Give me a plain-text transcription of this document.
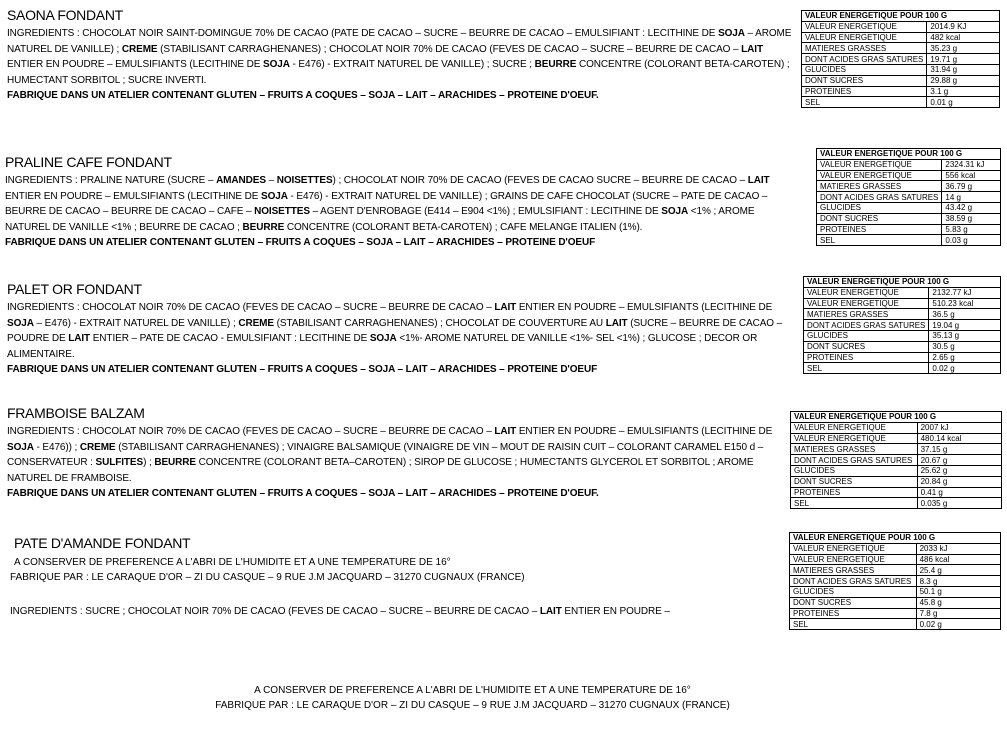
SAONA FONDANT
INGREDIENTS : CHOCOLAT NOIR SAINT-DOMINGUE 70% DE CACAO (PATE DE CACAO – SUCRE – BEURRE DE CACAO – EMULSIFIANT : LECITHINE DE SOJA – AROME NATUREL DE VANILLE) ; CREME (STABILISANT CARRAGHENANES) ; CHOCOLAT NOIR 70% DE CACAO (FEVES DE CACAO – SUCRE – BEURRE DE CACAO – LAIT ENTIER EN POUDRE – EMULSIFIANTS (LECITHINE DE SOJA - E476) - EXTRAIT NATUREL DE VANILLE) ; SUCRE ; BEURRE CONCENTRE (COLORANT BETA-CAROTEN) ; HUMECTANT SORBITOL ; SUCRE INVERTI.
FABRIQUE DANS UN ATELIER CONTENANT GLUTEN – FRUITS A COQUES – SOJA – LAIT – ARACHIDES – PROTEINE D'OEUF.
VALEUR ENERGETIQUE POUR 100 G	
VALEUR ENERGETIQUE	2014.9 KJ
VALEUR ENERGETIQUE	482 kcal
MATIERES GRASSES	35.23 g
DONT ACIDES GRAS SATURES	19.71 g
GLUCIDES	31.94 g
DONT SUCRES	29.88 g
PROTEINES	3.1 g
SEL	0.01 g
PRALINE CAFE FONDANT
INGREDIENTS : PRALINE NATURE (SUCRE – AMANDES – NOISETTES) ; CHOCOLAT NOIR 70% DE CACAO (FEVES DE CACAO SUCRE – BEURRE DE CACAO – LAIT ENTIER EN POUDRE – EMULSIFIANTS (LECITHINE DE SOJA - E476) - EXTRAIT NATUREL DE VANILLE) ; GRAINS DE CAFE CHOCOLAT (SUCRE – PATE DE CACAO – BEURRE DE CACAO – BEURRE DE CACAO – CAFE – NOISETTES – AGENT D'ENROBAGE (E414 – E904 <1%) ; EMULSIFIANT : LECITHINE DE SOJA <1% ; AROME NATUREL DE VANILLE <1% ; BEURRE DE CACAO ; BEURRE CONCENTRE (COLORANT BETA-CAROTEN) ; CAFE MELANGE ITALIEN (1%).
FABRIQUE DANS UN ATELIER CONTENANT GLUTEN – FRUITS A COQUES – SOJA – LAIT – ARACHIDES – PROTEINE D'OEUF
VALEUR ENERGETIQUE POUR 100 G	
VALEUR ENERGETIQUE	2324.31 kJ
VALEUR ENERGETIQUE	556 kcal
MATIERES GRASSES	36.79 g
DONT ACIDES GRAS SATURES	14 g
GLUCIDES	43.42 g
DONT SUCRES	38.59 g
PROTEINES	5.83 g
SEL	0.03 g
PALET OR FONDANT
INGREDIENTS : CHOCOLAT NOIR 70% DE CACAO (FEVES DE CACAO – SUCRE – BEURRE DE CACAO – LAIT ENTIER EN POUDRE – EMULSIFIANTS (LECITHINE DE SOJA – E476) - EXTRAIT NATUREL DE VANILLE) ; CREME (STABILISANT CARRAGHENANES) ; CHOCOLAT DE COUVERTURE AU LAIT (SUCRE – BEURRE DE CACAO – POUDRE DE LAIT ENTIER – PATE DE CACAO - EMULSIFIANT : LECITHINE DE SOJA <1%- AROME NATUREL DE VANILLE <1%- SEL <1%) ; GLUCOSE ; DECOR OR ALIMENTAIRE.
FABRIQUE DANS UN ATELIER CONTENANT GLUTEN – FRUITS A COQUES – SOJA – LAIT – ARACHIDES – PROTEINE D'OEUF
VALEUR ENERGETIQUE POUR 100 G	
VALEUR ENERGETIQUE	2132.77 kJ
VALEUR ENERGETIQUE	510.23 kcal
MATIERES GRASSES	36.5 g
DONT ACIDES GRAS SATURES	19.04 g
GLUCIDES	35.13 g
DONT SUCRES	30.5 g
PROTEINES	2.65 g
SEL	0.02 g
FRAMBOISE BALZAM
INGREDIENTS : CHOCOLAT NOIR 70% DE CACAO (FEVES DE CACAO – SUCRE – BEURRE DE CACAO – LAIT ENTIER EN POUDRE – EMULSIFIANTS (LECITHINE DE SOJA - E476)) ; CREME (STABILISANT CARRAGHENANES) ; VINAIGRE BALSAMIQUE (VINAIGRE DE VIN – MOUT DE RAISIN CUIT – COLORANT CARAMEL E150 d – CONSERVATEUR : SULFITES) ; BEURRE CONCENTRE (COLORANT BETA–CAROTEN) ; SIROP DE GLUCOSE ; HUMECTANTS GLYCEROL ET SORBITOL ; AROME NATUREL DE FRAMBOISE.
FABRIQUE DANS UN ATELIER CONTENANT GLUTEN – FRUITS A COQUES – SOJA – LAIT – ARACHIDES – PROTEINE D'OEUF.
VALEUR ENERGETIQUE POUR 100 G	
VALEUR ENERGETIQUE	2007 kJ
VALEUR ENERGETIQUE	480.14 kcal
MATIERES GRASSES	37.15 g
DONT ACIDES GRAS SATURES	20.67 g
GLUCIDES	25.62 g
DONT SUCRES	20.84 g
PROTEINES	0.41 g
SEL	0.035 g
PATE D'AMANDE FONDANT
A CONSERVER DE PREFERENCE A L'ABRI DE L'HUMIDITE ET A UNE TEMPERATURE DE 16°
FABRIQUE PAR : LE CARAQUE D'OR – ZI DU CASQUE – 9 RUE J.M JACQUARD – 31270 CUGNAUX (FRANCE)
INGREDIENTS : SUCRE ; CHOCOLAT NOIR 70% DE CACAO (FEVES DE CACAO – SUCRE – BEURRE DE CACAO – LAIT ENTIER EN POUDRE –
VALEUR ENERGETIQUE POUR 100 G	
VALEUR ENERGETIQUE	2033 kJ
VALEUR ENERGETIQUE	486 kcal
MATIERES GRASSES	25.4 g
DONT ACIDES GRAS SATURES	8.3 g
GLUCIDES	50.1 g
DONT SUCRES	45.8 g
PROTEINES	7.8 g
SEL	0.02 g
A CONSERVER DE PREFERENCE A L'ABRI DE L'HUMIDITE ET A UNE TEMPERATURE DE 16°
FABRIQUE PAR : LE CARAQUE D'OR – ZI DU CASQUE – 9 RUE J.M JACQUARD – 31270 CUGNAUX (FRANCE)
